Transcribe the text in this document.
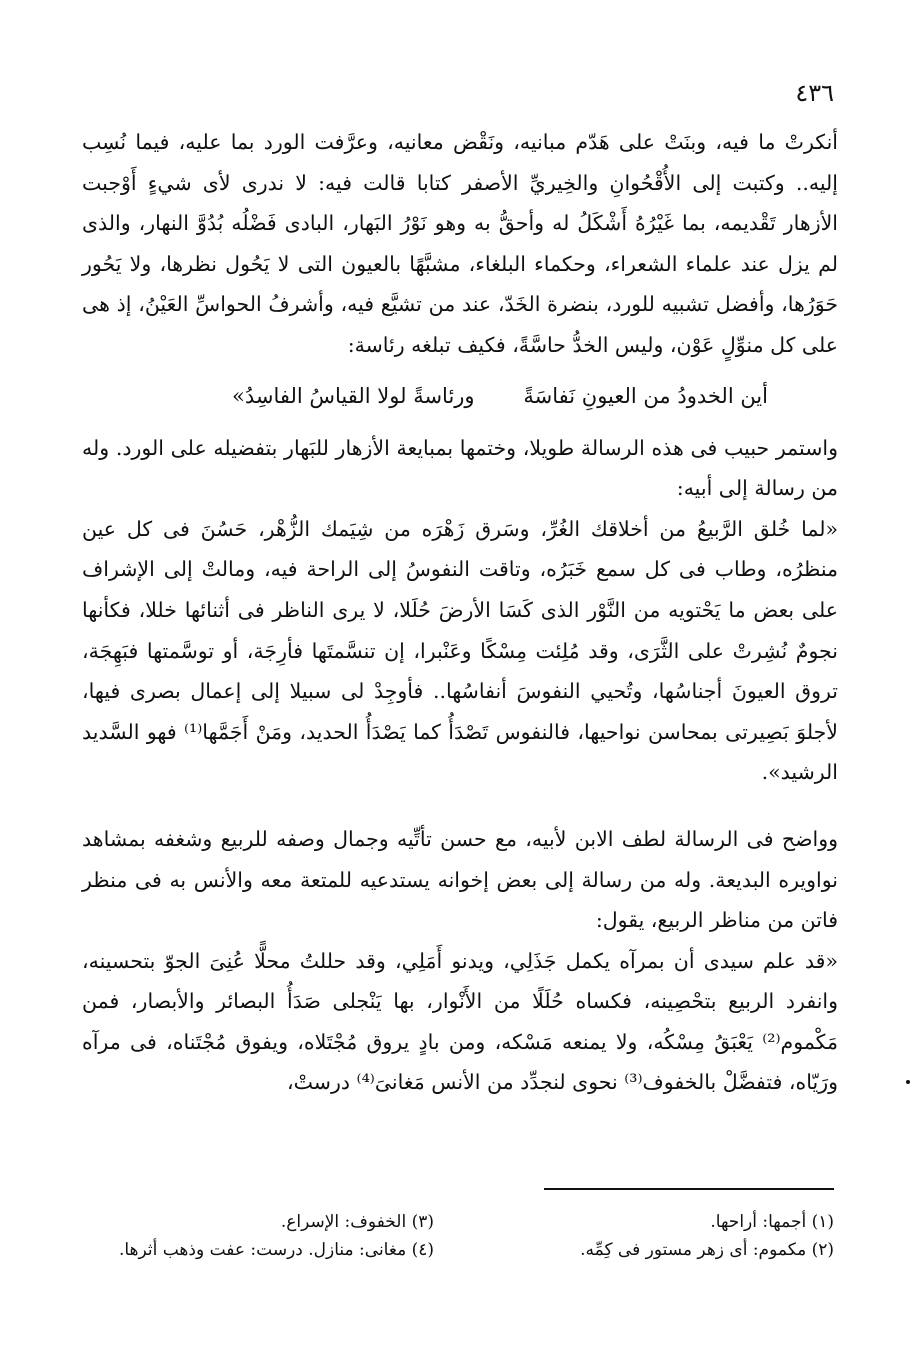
٤٣٦

أنكرتْ ما فيه، وبنَتْ على هَدّم مبانيه، ونَقْض معانيه، وعرَّفت الورد بما عليه، فيما نُسِب إليه.. وكتبت إلى الأُقْحُوانِ والخِيريِّ الأصفر كتابا قالت فيه: لا ندرى لأى شيءٍ أَوْجبت الأزهار تَقْديمه، بما غَيْرُهُ أَشْكَلُ له وأحقُّ به وهو نَوْرُ البَهار، البادى فَضْلُه بُدُوَّ النهار، والذى لم يزل عند علماء الشعراء، وحكماء البلغاء، مشبَّهًا بالعيون التى لا يَحُول نظرها، ولا يَحُور حَوَرُها، وأفضل تشبيه للورد، بنضرة الخَدّ، عند من تشيَّع فيه، وأشرفُ الحواسِّ العَيْنُ، إذ هى على كل منوِّلٍ عَوْن، وليس الخدُّ حاسَّةً، فكيف تبلغه رئاسة:

أين الخدودُ من العيونِ نَفاسَةً
ورئاسةً لولا القياسُ الفاسِدُ»

واستمر حبيب فى هذه الرسالة طويلا، وختمها بمبايعة الأزهار للبَهار بتفضيله على الورد. وله من رسالة إلى أبيه:

«لما خُلق الرَّبيعُ من أخلاقك الغُرِّ، وسَرق زَهْرَه من شِيَمك الزُّهْر، حَسُنَ فى كل عين منظرُه، وطاب فى كل سمع خَبَرُه، وتاقت النفوسُ إلى الراحة فيه، ومالتْ إلى الإشراف على بعض ما يَحْتويه من النَّوْر الذى كَسَا الأرضَ حُلَلا، لا يرى الناظر فى أثنائها خللا، فكأنها نجومٌ نُشِرتْ على الثَّرَى، وقد مُلِئت مِسْكًا وعَنْبرا، إن تنسَّمتَها فأرِجَة، أو توسَّمتها فبَهِجَة، تروق العيونَ أجناسُها، وتُحيي النفوسَ أنفاسُها.. فأوجِدْ لى سبيلا إلى إعمال بصرى فيها، لأجلوَ بَصِيرتى بمحاسن نواحيها، فالنفوس تَصْدَأُ كما يَصْدَأُ الحديد، ومَنْ أَجَمَّها⁽¹⁾ فهو السَّديد الرشيد».

وواضح فى الرسالة لطف الابن لأبيه، مع حسن تأتِّيه وجمال وصفه للربيع وشغفه بمشاهد نواويره البديعة. وله من رسالة إلى بعض إخوانه يستدعيه للمتعة معه والأنس به فى منظر فاتن من مناظر الربيع، يقول:

«قد علم سيدى أن بمرآه يكمل جَذَلِي، ويدنو أَمَلِي، وقد حللتُ محلًّا عُنِىَ الجوّ بتحسينه، وانفرد الربيع بتحْصِينه، فكساه حُلَلًا من الأَنْوار، بها يَنْجلى صَدَأُ البصائر والأبصار، فمن مَكْموم⁽²⁾ يَعْبَقُ مِسْكُه، ولا يمنعه مَسْكه، ومن بادٍ يروق مُجْتَلاه، ويفوق مُجْتَناه، فى مرآه ورَيّاه، فتفضَّلْ بالخفوف⁽³⁾ نحوى لنجدِّد من الأنس مَغانىَ⁽⁴⁾ درستْ،

(١) أجمها: أراحها.
(٣) الخفوف: الإسراع.
(٢) مكموم: أى زهر مستور فى كِمِّه.
(٤) مغانى: منازل. درست: عفت وذهب أثرها.
